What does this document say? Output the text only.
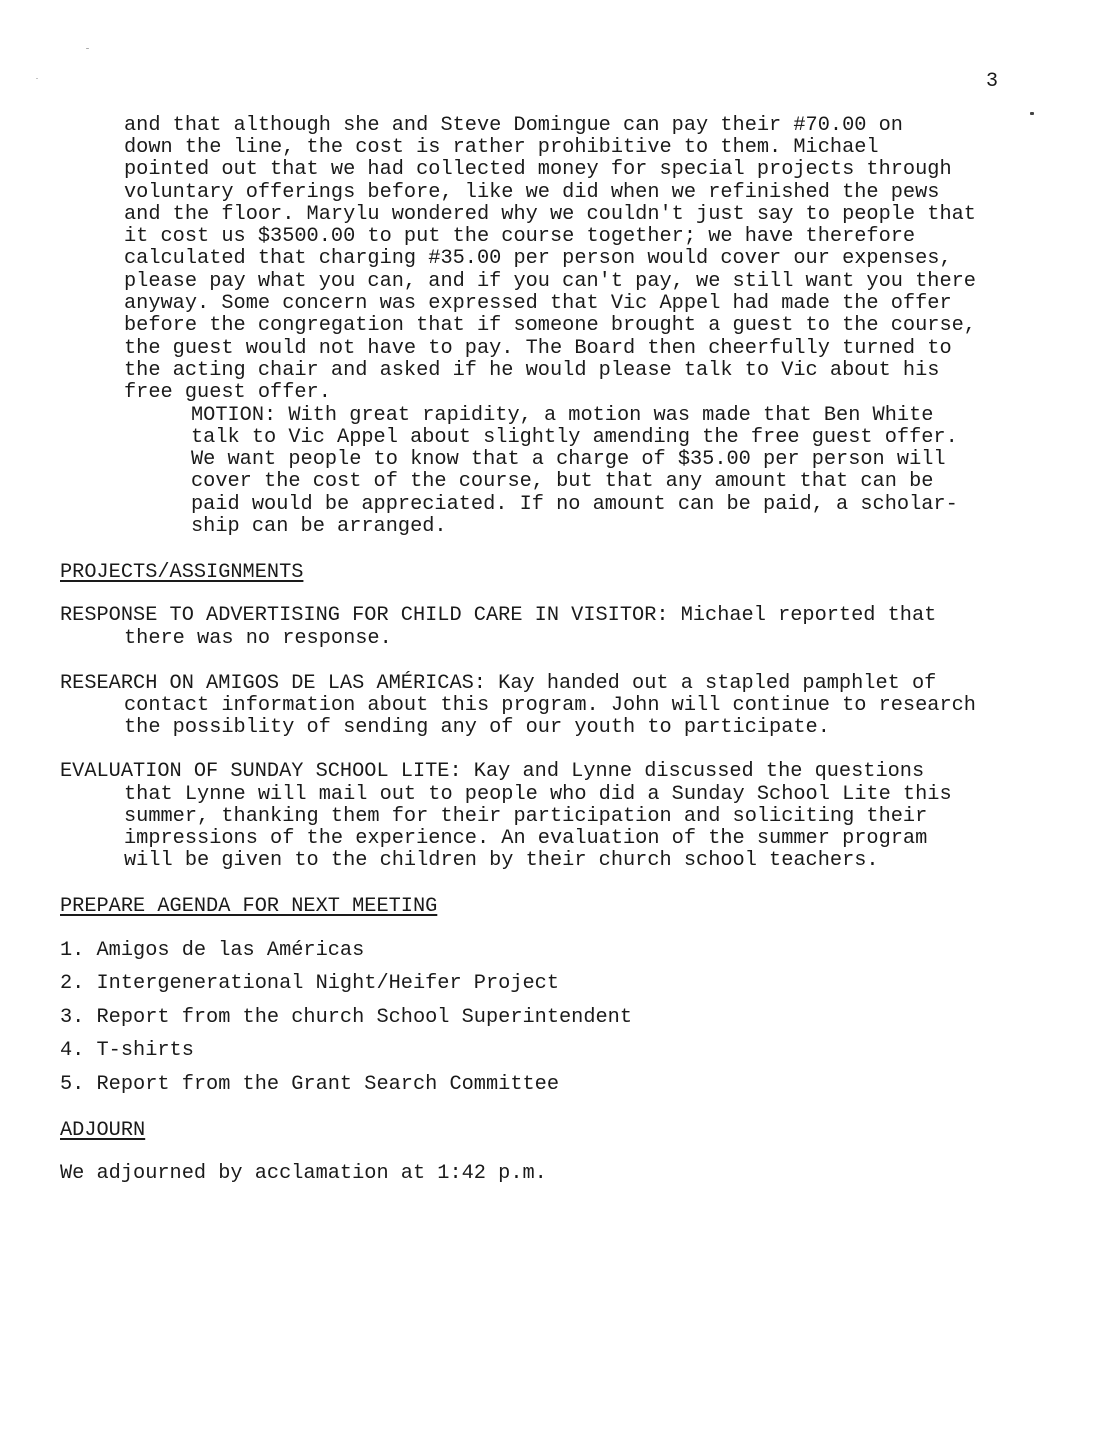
3
and that although she and Steve Domingue can pay their #70.00 on
down the line, the cost is rather prohibitive to them. Michael
pointed out that we had collected money for special projects through
voluntary offerings before, like we did when we refinished the pews
and the floor. Marylu wondered why we couldn't just say to people that
it cost us $3500.00 to put the course together; we have therefore
calculated that charging #35.00 per person would cover our expenses,
please pay what you can, and if you can't pay, we still want you there
anyway. Some concern was expressed that Vic Appel had made the offer
before the congregation that if someone brought a guest to the course,
the guest would not have to pay. The Board then cheerfully turned to
the acting chair and asked if he would please talk to Vic about his
free guest offer.
MOTION: With great rapidity, a motion was made that Ben White
talk to Vic Appel about slightly amending the free guest offer.
We want people to know that a charge of $35.00 per person will
cover the cost of the course, but that any amount that can be
paid would be appreciated. If no amount can be paid, a scholar-
ship can be arranged.
PROJECTS/ASSIGNMENTS
RESPONSE TO ADVERTISING FOR CHILD CARE IN VISITOR: Michael reported that
there was no response.
RESEARCH ON AMIGOS DE LAS AMÉRICAS: Kay handed out a stapled pamphlet of
contact information about this program. John will continue to research
the possiblity of sending any of our youth to participate.
EVALUATION OF SUNDAY SCHOOL LITE: Kay and Lynne discussed the questions
that Lynne will mail out to people who did a Sunday School Lite this
summer, thanking them for their participation and soliciting their
impressions of the experience. An evaluation of the summer program
will be given to the children by their church school teachers.
PREPARE AGENDA FOR NEXT MEETING
1. Amigos de las Américas
2. Intergenerational Night/Heifer Project
3. Report from the church School Superintendent
4. T-shirts
5. Report from the Grant Search Committee
ADJOURN
We adjourned by acclamation at 1:42 p.m.
